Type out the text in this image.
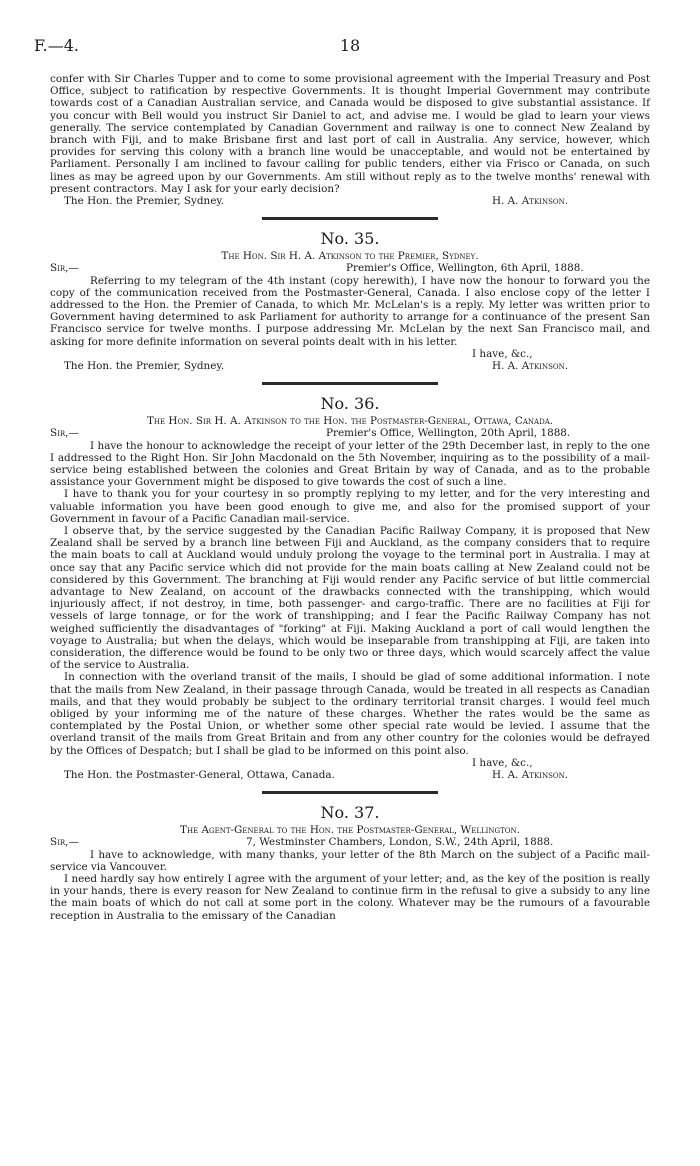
F.—4.	18

confer with Sir Charles Tupper and to come to some provisional agreement with the Imperial Treasury and Post Office, subject to ratification by respective Governments. It is thought Imperial Government may contribute towards cost of a Canadian Australian service, and Canada would be disposed to give substantial assistance. If you concur with Bell would you instruct Sir Daniel to act, and advise me. I would be glad to learn your views generally. The service contemplated by Canadian Government and railway is one to connect New Zealand by branch with Fiji, and to make Brisbane first and last port of call in Australia. Any service, however, which provides for serving this colony with a branch line would be unacceptable, and would not be entertained by Parliament. Personally I am inclined to favour calling for public tenders, either via Frisco or Canada, on such lines as may be agreed upon by our Governments. Am still without reply as to the twelve months' renewal with present contractors. May I ask for your early decision?

The Hon. the Premier, Sydney.	H. A. Atkinson.
No. 35.
The Hon. Sir H. A. Atkinson to the Premier, Sydney.
Sir,—	Premier's Office, Wellington, 6th April, 1888.

Referring to my telegram of the 4th instant (copy herewith), I have now the honour to forward you the copy of the communication received from the Postmaster-General, Canada. I also enclose copy of the letter I addressed to the Hon. the Premier of Canada, to which Mr. McLelan's is a reply. My letter was written prior to Government having determined to ask Parliament for authority to arrange for a continuance of the present San Francisco service for twelve months. I purpose addressing Mr. McLelan by the next San Francisco mail, and asking for more definite information on several points dealt with in his letter.

I have, &c.,
The Hon. the Premier, Sydney.	H. A. Atkinson.
No. 36.
The Hon. Sir H. A. Atkinson to the Hon. the Postmaster-General, Ottawa, Canada.
Sir,—	Premier's Office, Wellington, 20th April, 1888.

I have the honour to acknowledge the receipt of your letter of the 29th December last, in reply to the one I addressed to the Right Hon. Sir John Macdonald on the 5th November, inquiring as to the possibility of a mail-service being established between the colonies and Great Britain by way of Canada, and as to the probable assistance your Government might be disposed to give towards the cost of such a line.

I have to thank you for your courtesy in so promptly replying to my letter, and for the very interesting and valuable information you have been good enough to give me, and also for the promised support of your Government in favour of a Pacific Canadian mail-service.

I observe that, by the service suggested by the Canadian Pacific Railway Company, it is proposed that New Zealand shall be served by a branch line between Fiji and Auckland, as the company considers that to require the main boats to call at Auckland would unduly prolong the voyage to the terminal port in Australia. I may at once say that any Pacific service which did not provide for the main boats calling at New Zealand could not be considered by this Government. The branching at Fiji would render any Pacific service of but little commercial advantage to New Zealand, on account of the drawbacks connected with the transhipping, which would injuriously affect, if not destroy, in time, both passenger- and cargo-traffic. There are no facilities at Fiji for vessels of large tonnage, or for the work of transhipping; and I fear the Pacific Railway Company has not weighed sufficiently the disadvantages of "forking" at Fiji. Making Auckland a port of call would lengthen the voyage to Australia; but when the delays, which would be inseparable from transhipping at Fiji, are taken into consideration, the difference would be found to be only two or three days, which would scarcely affect the value of the service to Australia.

In connection with the overland transit of the mails, I should be glad of some additional information. I note that the mails from New Zealand, in their passage through Canada, would be treated in all respects as Canadian mails, and that they would probably be subject to the ordinary territorial transit charges. I would feel much obliged by your informing me of the nature of these charges. Whether the rates would be the same as contemplated by the Postal Union, or whether some other special rate would be levied. I assume that the overland transit of the mails from Great Britain and from any other country for the colonies would be defrayed by the Offices of Despatch; but I shall be glad to be informed on this point also.

I have, &c.,
The Hon. the Postmaster-General, Ottawa, Canada.	H. A. Atkinson.
No. 37.
The Agent-General to the Hon. the Postmaster-General, Wellington.
Sir,—	7, Westminster Chambers, London, S.W., 24th April, 1888.

I have to acknowledge, with many thanks, your letter of the 8th March on the subject of a Pacific mail-service via Vancouver.

I need hardly say how entirely I agree with the argument of your letter; and, as the key of the position is really in your hands, there is every reason for New Zealand to continue firm in the refusal to give a subsidy to any line the main boats of which do not call at some port in the colony. Whatever may be the rumours of a favourable reception in Australia to the emissary of the Canadian
